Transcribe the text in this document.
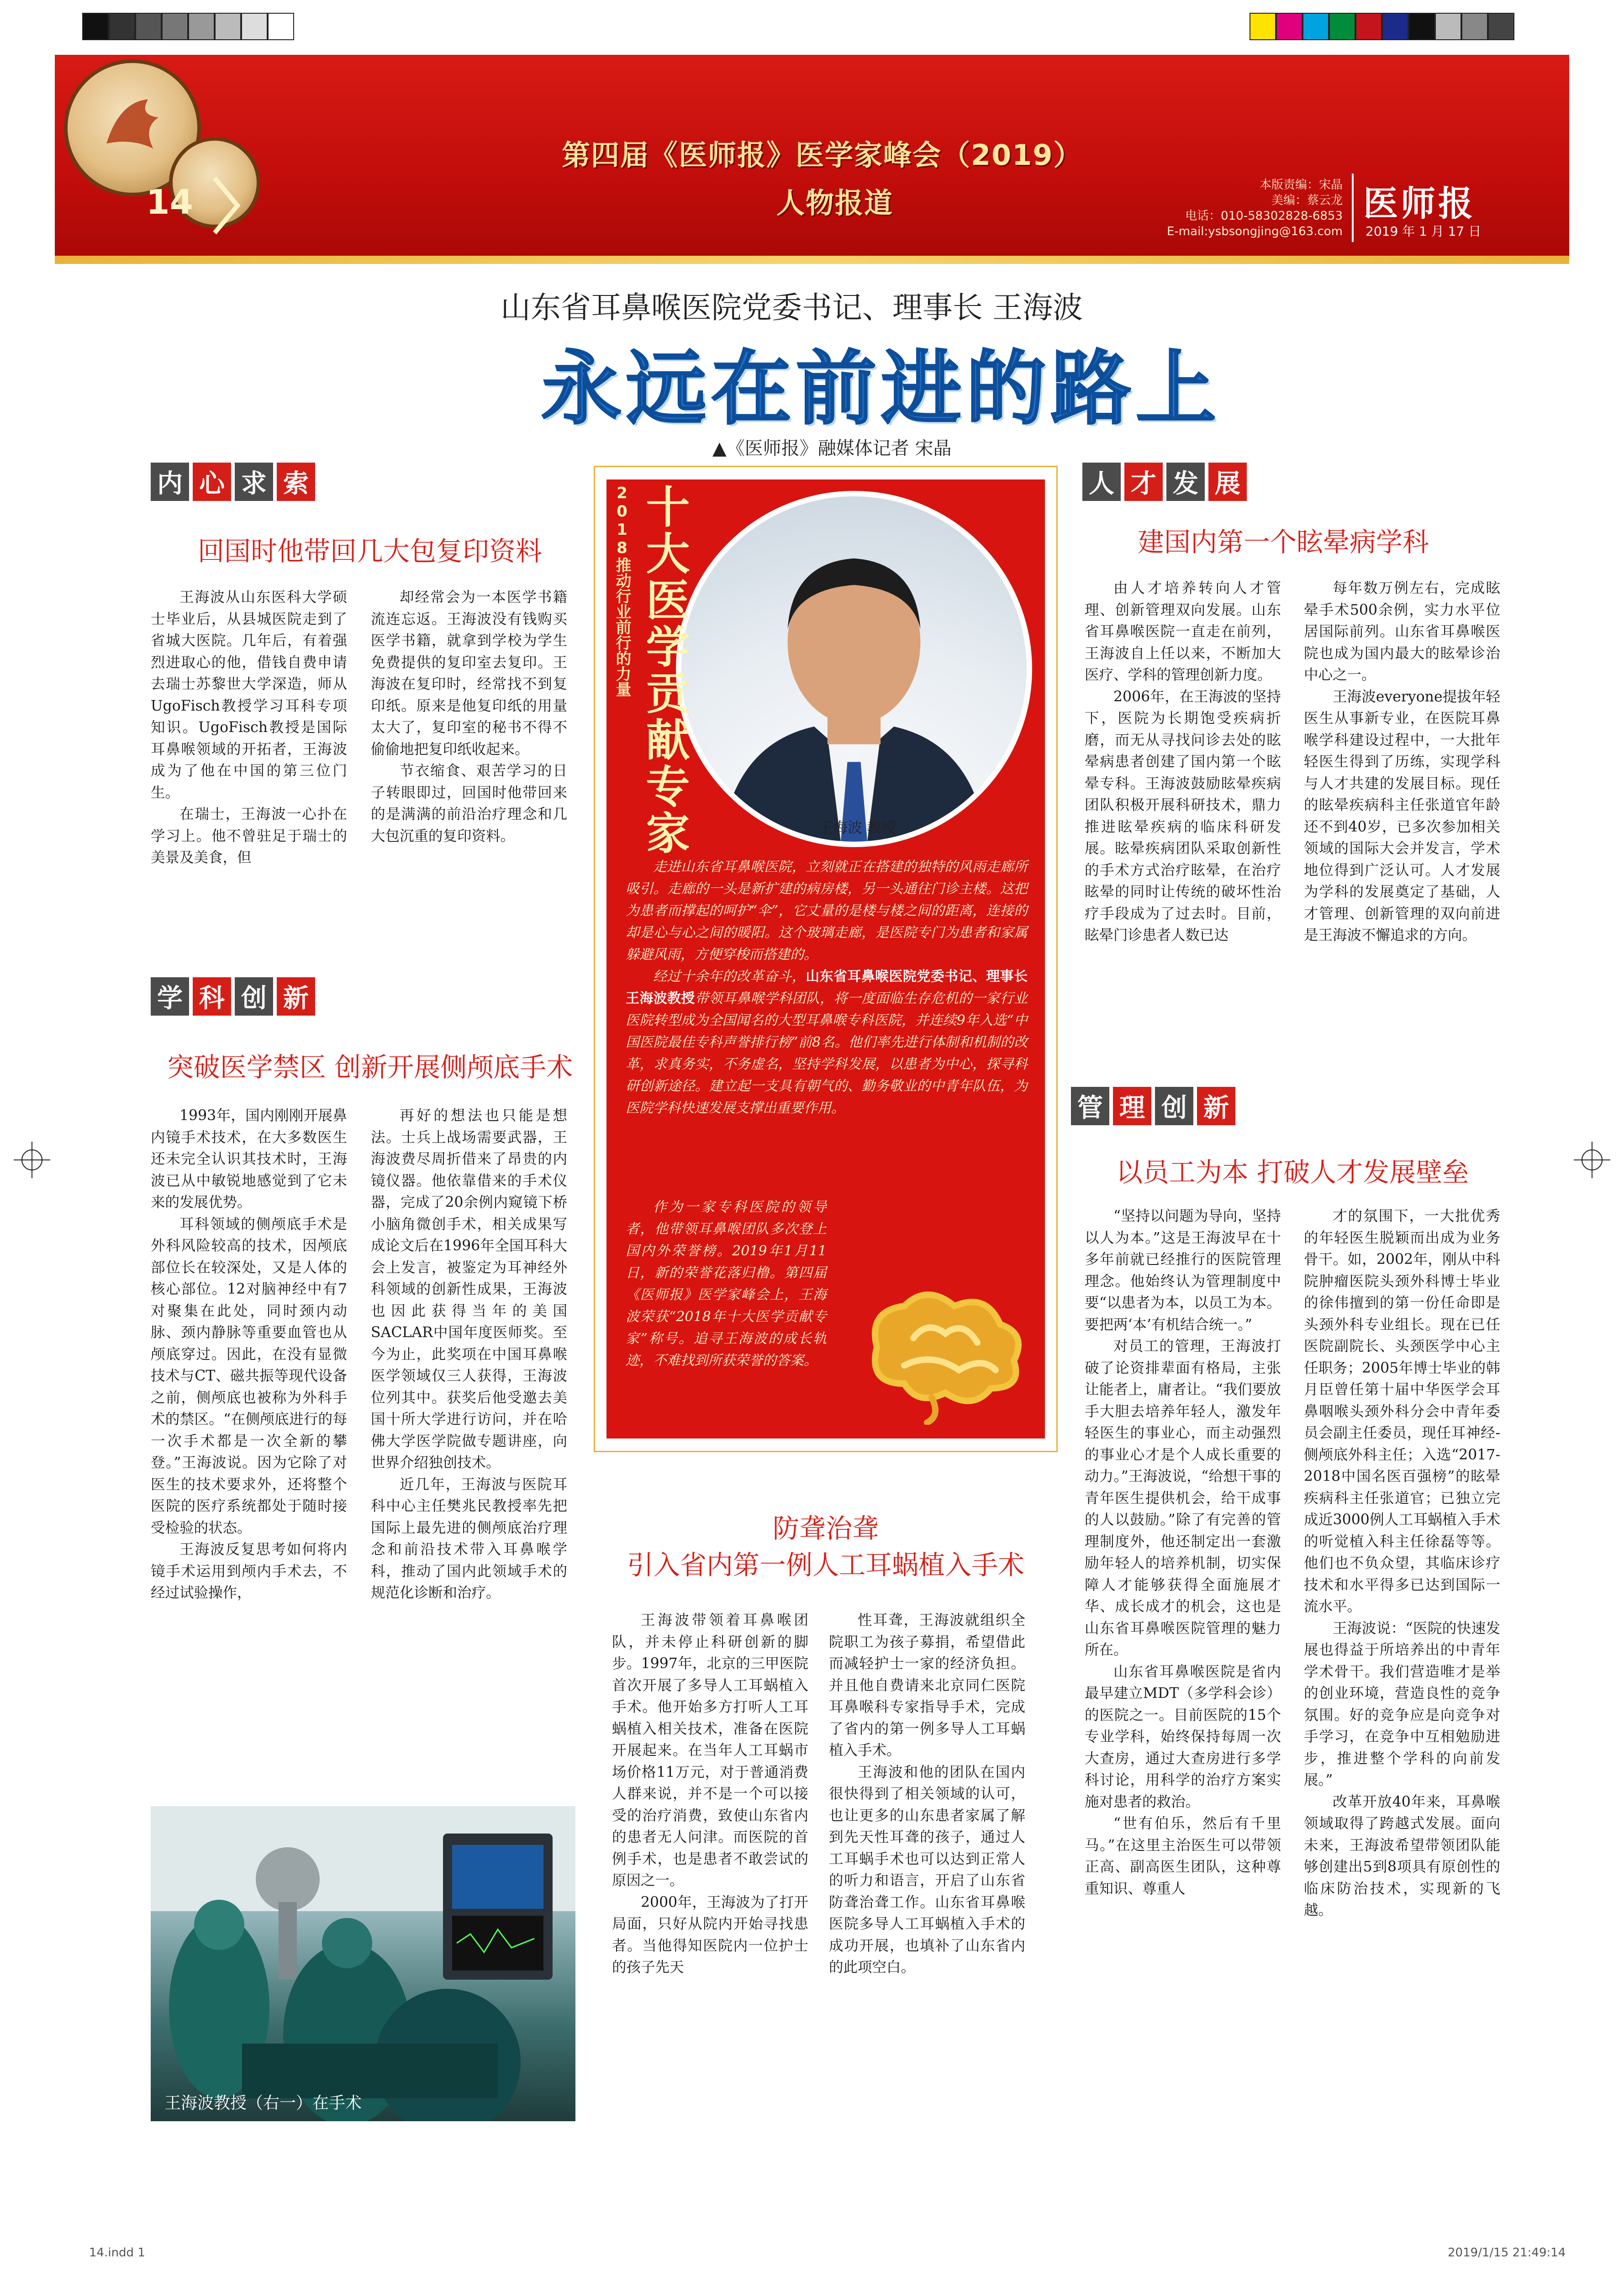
14
第四届《医师报》医学家峰会（2019）
人物报道
本版责编：宋晶
美编：蔡云龙
电话：010-58302828-6853
E-mail:ysbsongjing@163.com
医师报
2019 年 1 月 17 日
山东省耳鼻喉医院党委书记、理事长 王海波
永远在前进的路上
▲《医师报》融媒体记者 宋晶
内 心 求 索
回国时他带回几大包复印资料

王海波从山东医科大学硕士毕业后，从县城医院走到了省城大医院。几年后，有着强烈进取心的他，借钱自费申请去瑞士苏黎世大学深造，师从UgoFisch教授学习耳科专项知识。UgoFisch教授是国际耳鼻喉领域的开拓者，王海波成为了他在中国的第三位门生。

在瑞士，王海波一心扑在学习上。他不曾驻足于瑞士的美景及美食，但

却经常会为一本医学书籍流连忘返。王海波没有钱购买医学书籍，就拿到学校为学生免费提供的复印室去复印。王海波在复印时，经常找不到复印纸。原来是他复印纸的用量太大了，复印室的秘书不得不偷偷地把复印纸收起来。

节衣缩食、艰苦学习的日子转眼即过，回国时他带回来的是满满的前沿治疗理念和几大包沉重的复印资料。

学 科 创 新
突破医学禁区 创新开展侧颅底手术

1993年，国内刚刚开展鼻内镜手术技术，在大多数医生还未完全认识其技术时，王海波已从中敏锐地感觉到了它未来的发展优势。

耳科领域的侧颅底手术是外科风险较高的技术，因颅底部位长在较深处，又是人体的核心部位。12对脑神经中有7对聚集在此处，同时颈内动脉、颈内静脉等重要血管也从颅底穿过。因此，在没有显微技术与CT、磁共振等现代设备之前，侧颅底也被称为外科手术的禁区。“在侧颅底进行的每一次手术都是一次全新的攀登。”王海波说。因为它除了对医生的技术要求外，还将整个医院的医疗系统都处于随时接受检验的状态。

王海波反复思考如何将内镜手术运用到颅内手术去，不经过试验操作，

再好的想法也只能是想法。士兵上战场需要武器，王海波费尽周折借来了昂贵的内镜仪器。他依靠借来的手术仪器，完成了20余例内窥镜下桥小脑角微创手术，相关成果写成论文后在1996年全国耳科大会上发言，被鉴定为耳神经外科领域的创新性成果，王海波也因此获得当年的美国SACLAR中国年度医师奖。至今为止，此奖项在中国耳鼻喉医学领域仅三人获得，王海波位列其中。获奖后他受邀去美国十所大学进行访问，并在哈佛大学医学院做专题讲座，向世界介绍独创技术。

近几年，王海波与医院耳科中心主任樊兆民教授率先把国际上最先进的侧颅底治疗理念和前沿技术带入耳鼻喉学科，推动了国内此领域手术的规范化诊断和治疗。

王海波教授（右一）在手术
王海波 教授
十大医学贡献专家
2018推动行业前行的力量

走进山东省耳鼻喉医院，立刻就正在搭建的独特的风雨走廊所吸引。走廊的一头是新扩建的病房楼，另一头通往门诊主楼。这把为患者而撑起的呵护“伞”，它丈量的是楼与楼之间的距离，连接的却是心与心之间的暖阳。这个玻璃走廊，是医院专门为患者和家属躲避风雨，方便穿梭而搭建的。

经过十余年的改革奋斗，山东省耳鼻喉医院党委书记、理事长王海波教授带领耳鼻喉学科团队，将一度面临生存危机的一家行业医院转型成为全国闻名的大型耳鼻喉专科医院，并连续9年入选“中国医院最佳专科声誉排行榜”前8名。他们率先进行体制和机制的改革，求真务实，不务虚名，坚持学科发展，以患者为中心，探寻科研创新途径。建立起一支具有朝气的、勤务敬业的中青年队伍，为医院学科快速发展支撑出重要作用。

作为一家专科医院的领导者，他带领耳鼻喉团队多次登上国内外荣誉榜。2019年1月11日，新的荣誉花落归橹。第四届《医师报》医学家峰会上，王海波荣获“2018年十大医学贡献专家”称号。追寻王海波的成长轨迹，不难找到所获荣誉的答案。

防聋治聋
引入省内第一例人工耳蜗植入手术

王海波带领着耳鼻喉团队，并未停止科研创新的脚步。1997年，北京的三甲医院首次开展了多导人工耳蜗植入手术。他开始多方打听人工耳蜗植入相关技术，准备在医院开展起来。在当年人工耳蜗市场价格11万元，对于普通消费人群来说，并不是一个可以接受的治疗消费，致使山东省内的患者无人问津。而医院的首例手术，也是患者不敢尝试的原因之一。

2000年，王海波为了打开局面，只好从院内开始寻找患者。当他得知医院内一位护士的孩子先天

性耳聋，王海波就组织全院职工为孩子募捐，希望借此而减轻护士一家的经济负担。并且他自费请来北京同仁医院耳鼻喉科专家指导手术，完成了省内的第一例多导人工耳蜗植入手术。

王海波和他的团队在国内很快得到了相关领域的认可，也让更多的山东患者家属了解到先天性耳聋的孩子，通过人工耳蜗手术也可以达到正常人的听力和语言，开启了山东省防聋治聋工作。山东省耳鼻喉医院多导人工耳蜗植入手术的成功开展，也填补了山东省内的此项空白。

人 才 发 展
建国内第一个眩晕病学科

由人才培养转向人才管理、创新管理双向发展。山东省耳鼻喉医院一直走在前列，王海波自上任以来，不断加大医疗、学科的管理创新力度。

2006年，在王海波的坚持下，医院为长期饱受疾病折磨，而无从寻找问诊去处的眩晕病患者创建了国内第一个眩晕专科。王海波鼓励眩晕疾病团队积极开展科研技术，鼎力推进眩晕疾病的临床科研发展。眩晕疾病团队采取创新性的手术方式治疗眩晕，在治疗眩晕的同时让传统的破坏性治疗手段成为了过去时。目前，眩晕门诊患者人数已达

每年数万例左右，完成眩晕手术500余例，实力水平位居国际前列。山东省耳鼻喉医院也成为国内最大的眩晕诊治中心之一。

王海波everyone提拔年轻医生从事新专业，在医院耳鼻喉学科建设过程中，一大批年轻医生得到了历练，实现学科与人才共建的发展目标。现任的眩晕疾病科主任张道官年龄还不到40岁，已多次参加相关领域的国际大会并发言，学术地位得到广泛认可。人才发展为学科的发展奠定了基础，人才管理、创新管理的双向前进是王海波不懈追求的方向。

管 理 创 新
以员工为本 打破人才发展壁垒

“坚持以问题为导向，坚持以人为本。”这是王海波早在十多年前就已经推行的医院管理理念。他始终认为管理制度中要“以患者为本，以员工为本。要把两‘本’有机结合统一。”

对员工的管理，王海波打破了论资排辈面有格局，主张让能者上，庸者让。“我们要放手大胆去培养年轻人，激发年轻医生的事业心，而主动强烈的事业心才是个人成长重要的动力。”王海波说，“给想干事的青年医生提供机会，给干成事的人以鼓励。”除了有完善的管理制度外，他还制定出一套激励年轻人的培养机制，切实保障人才能够获得全面施展才华、成长成才的机会，这也是山东省耳鼻喉医院管理的魅力所在。

山东省耳鼻喉医院是省内最早建立MDT（多学科会诊）的医院之一。目前医院的15个专业学科，始终保持每周一次大查房，通过大查房进行多学科讨论，用科学的治疗方案实施对患者的救治。

“世有伯乐，然后有千里马。”在这里主治医生可以带领正高、副高医生团队，这种尊重知识、尊重人

才的氛围下，一大批优秀的年轻医生脱颖而出成为业务骨干。如，2002年，刚从中科院肿瘤医院头颈外科博士毕业的徐伟擅到的第一份任命即是头颈外科专业组长。现在已任医院副院长、头颈医学中心主任职务；2005年博士毕业的韩月臣曾任第十届中华医学会耳鼻咽喉头颈外科分会中青年委员会副主任委员，现任耳神经-侧颅底外科主任；入选“2017-2018中国名医百强榜”的眩晕疾病科主任张道官；已独立完成近3000例人工耳蜗植入手术的听觉植入科主任徐磊等等。他们也不负众望，其临床诊疗技术和水平得多已达到国际一流水平。

王海波说：“医院的快速发展也得益于所培养出的中青年学术骨干。我们营造唯才是举的创业环境，营造良性的竞争氛围。好的竞争应是向竞争对手学习，在竞争中互相勉励进步，推进整个学科的向前发展。”

改革开放40年来，耳鼻喉领域取得了跨越式发展。面向未来，王海波希望带领团队能够创建出5到8项具有原创性的临床防治技术，实现新的飞越。

14.indd 1	2019/1/15 21:49:14
